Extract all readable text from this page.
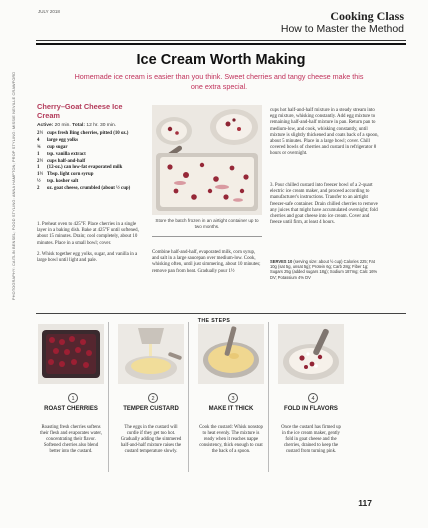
PHOTOGRAPHY: CAITLIN BENSEL; FOOD STYLING: ANNA HAMPTON; PROP STYLING: MISSIE NEVILLE CRAWFORD
JULY 2018	Cooking Class
How to Master the Method
Ice Cream Worth Making
Homemade ice cream is easier than you think. Sweet cherries and tangy cheese make this one extra special.
Cherry–Goat Cheese Ice Cream
Active: 20 min. Total: 12 hr. 30 min.
2½ cups fresh Bing cherries, pitted (10 oz.)
4	large egg yolks
¾	cup sugar
1	tsp. vanilla extract
2½ cups half-and-half
1	(12-oz.) can low-fat evaporated milk
1½ Tbsp. light corn syrup
½	tsp. kosher salt
2	oz. goat cheese, crumbled (about ½ cup)

1. Preheat oven to 425°F. Place cherries in a single layer in a baking dish. Bake at 425°F until softened, about 15 minutes. Drain; cool completely, about 10 minutes. Place in a small bowl; cover.

2. Whisk together egg yolks, sugar, and vanilla in a large bowl until light and pale.

Store the batch frozen in an airtight container up to two months.

Combine half-and-half, evaporated milk, corn syrup, and salt in a large saucepan over medium-low. Cook, whisking often, until just simmering, about 10 minutes; remove pan from heat. Gradually pour 1½

cups hot half-and-half mixture in a steady stream into egg mixture, whisking constantly. Add egg mixture to remaining half-and-half mixture in pan. Return pan to medium-low, and cook, whisking constantly, until mixture is slightly thickened and coats back of a spoon, about 5 minutes. Place in a large bowl; cover. Chill covered bowls of cherries and custard in refrigerator 8 hours or overnight.

3. Pour chilled custard into freezer bowl of a 2-quart electric ice cream maker, and proceed according to manufacturer's instructions. Transfer to an airtight freezer-safe container. Drain chilled cherries to remove any juices that might have accumulated overnight; fold cherries and goat cheese into ice cream. Cover and freeze until firm, at least 4 hours.

SERVES 10 (serving size: about ½ cup) Calories 225; Fat 10g (sat 5g, unsat 5g); Protein 6g; Carb 28g; Fiber 1g; Sugars 25g (added sugars 18g); Sodium 187mg; Calc 16% DV; Potassium 4% DV
THE STEPS
1	2	3	4
ROAST CHERRIES	TEMPER CUSTARD	MAKE IT THICK	FOLD IN FLAVORS

Roasting fresh cherries softens their flesh and evaporates water, concentrating their flavor. Softened cherries also blend better into the custard.

The eggs in the custard will curdle if they get too hot. Gradually adding the simmered half-and-half mixture raises the custard temperature slowly.

Cook the custard: Whisk nonstop to heat evenly. The mixture is ready when it reaches nappe consistency, thick enough to coat the back of a spoon.

Once the custard has firmed up in the ice cream maker, gently fold in goat cheese and the cherries, drained to keep the custard from turning pink.

117
